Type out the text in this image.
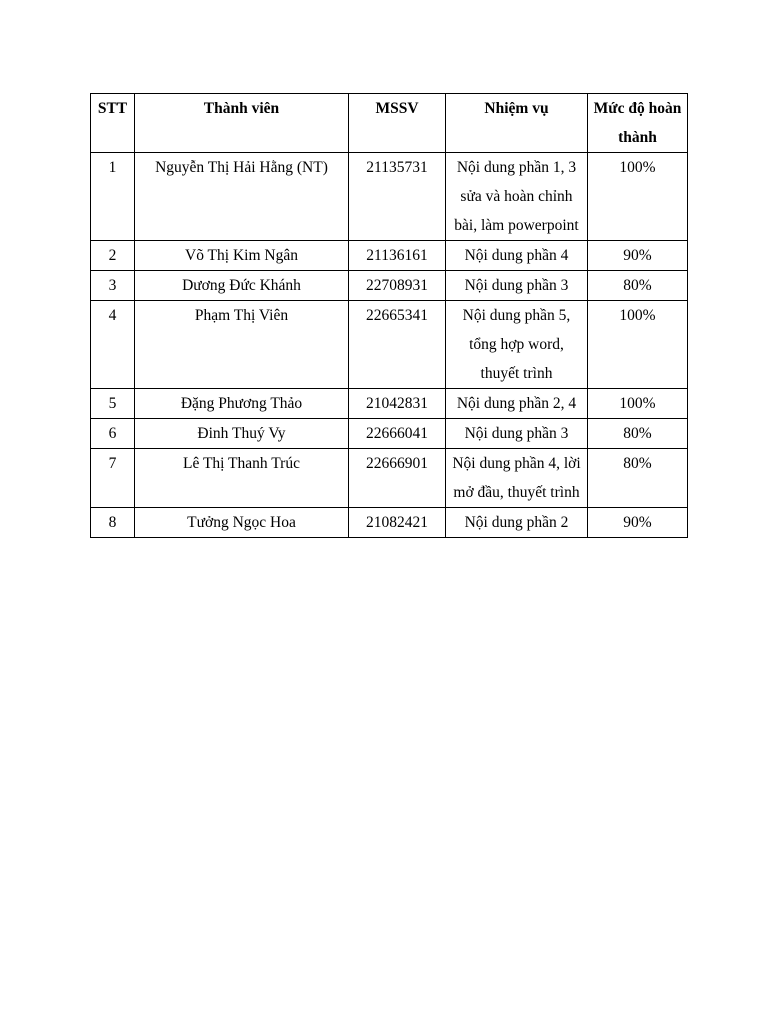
STT	Thành viên	MSSV	Nhiệm vụ	Mức độ hoàn thành
1	Nguyễn Thị Hải Hằng (NT)	21135731	Nội dung phần 1, 3 sửa và hoàn chỉnh bài, làm powerpoint	100%
2	Võ Thị Kim Ngân	21136161	Nội dung phần 4	90%
3	Dương Đức Khánh	22708931	Nội dung phần 3	80%
4	Phạm Thị Viên	22665341	Nội dung phần 5, tổng hợp word, thuyết trình	100%
5	Đặng Phương Thảo	21042831	Nội dung phần 2, 4	100%
6	Đinh Thuý Vy	22666041	Nội dung phần 3	80%
7	Lê Thị Thanh Trúc	22666901	Nội dung phần 4, lời mở đầu, thuyết trình	80%
8	Tưởng Ngọc Hoa	21082421	Nội dung phần 2	90%
